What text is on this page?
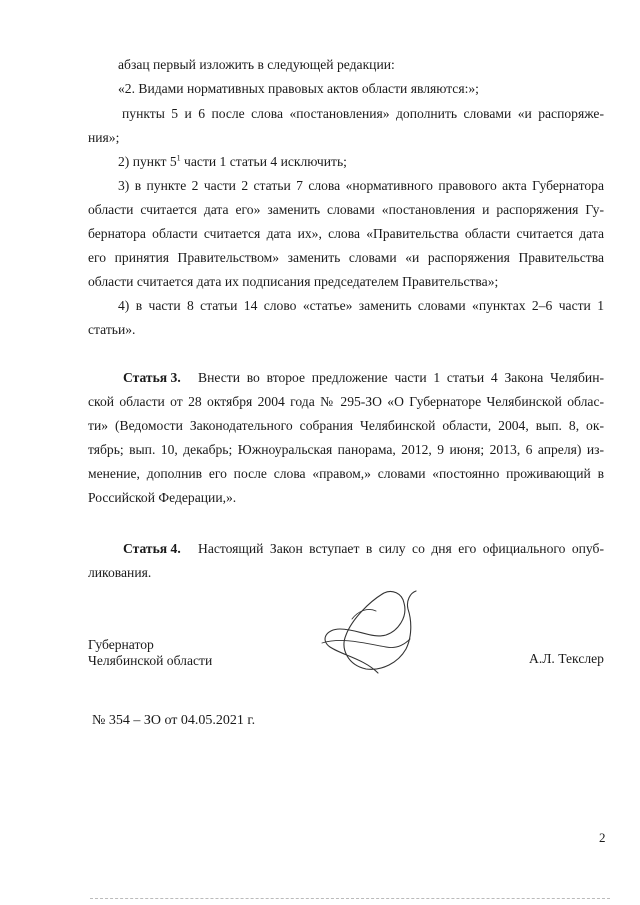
абзац первый изложить в следующей редакции:
«2. Видами нормативных правовых актов области являются:»;
пункты 5 и 6 после слова «постановления» дополнить словами «и распоряже-
ния»;
2) пункт $5^1$ части 1 статьи 4 исключить;
3) в пункте 2 части 2 статьи 7 слова «нормативного правового акта Губернатора
области считается дата его» заменить словами «постановления и распоряжения Гу-
бернатора области считается дата их», слова «Правительства области считается дата
его принятия Правительством» заменить словами «и распоряжения Правительства
области считается дата их подписания председателем Правительства»;
4) в части 8 статьи 14 слово «статье» заменить словами «пунктах 2–6 части 1
статьи».
Статья 3. Внести во второе предложение части 1 статьи 4 Закона Челябин-
ской области от 28 октября 2004 года № 295-ЗО «О Губернаторе Челябинской облас-
ти» (Ведомости Законодательного собрания Челябинской области, 2004, вып. 8, ок-
тябрь; вып. 10, декабрь; Южноуральская панорама, 2012, 9 июня; 2013, 6 апреля) из-
менение, дополнив его после слова «правом,» словами «постоянно проживающий в
Российской Федерации,».
Статья 4. Настоящий Закон вступает в силу со дня его официального опуб-
ликования.
Губернатор
Челябинской области	А.Л. Текслер
№ 354 – ЗО от 04.05.2021 г.
2
